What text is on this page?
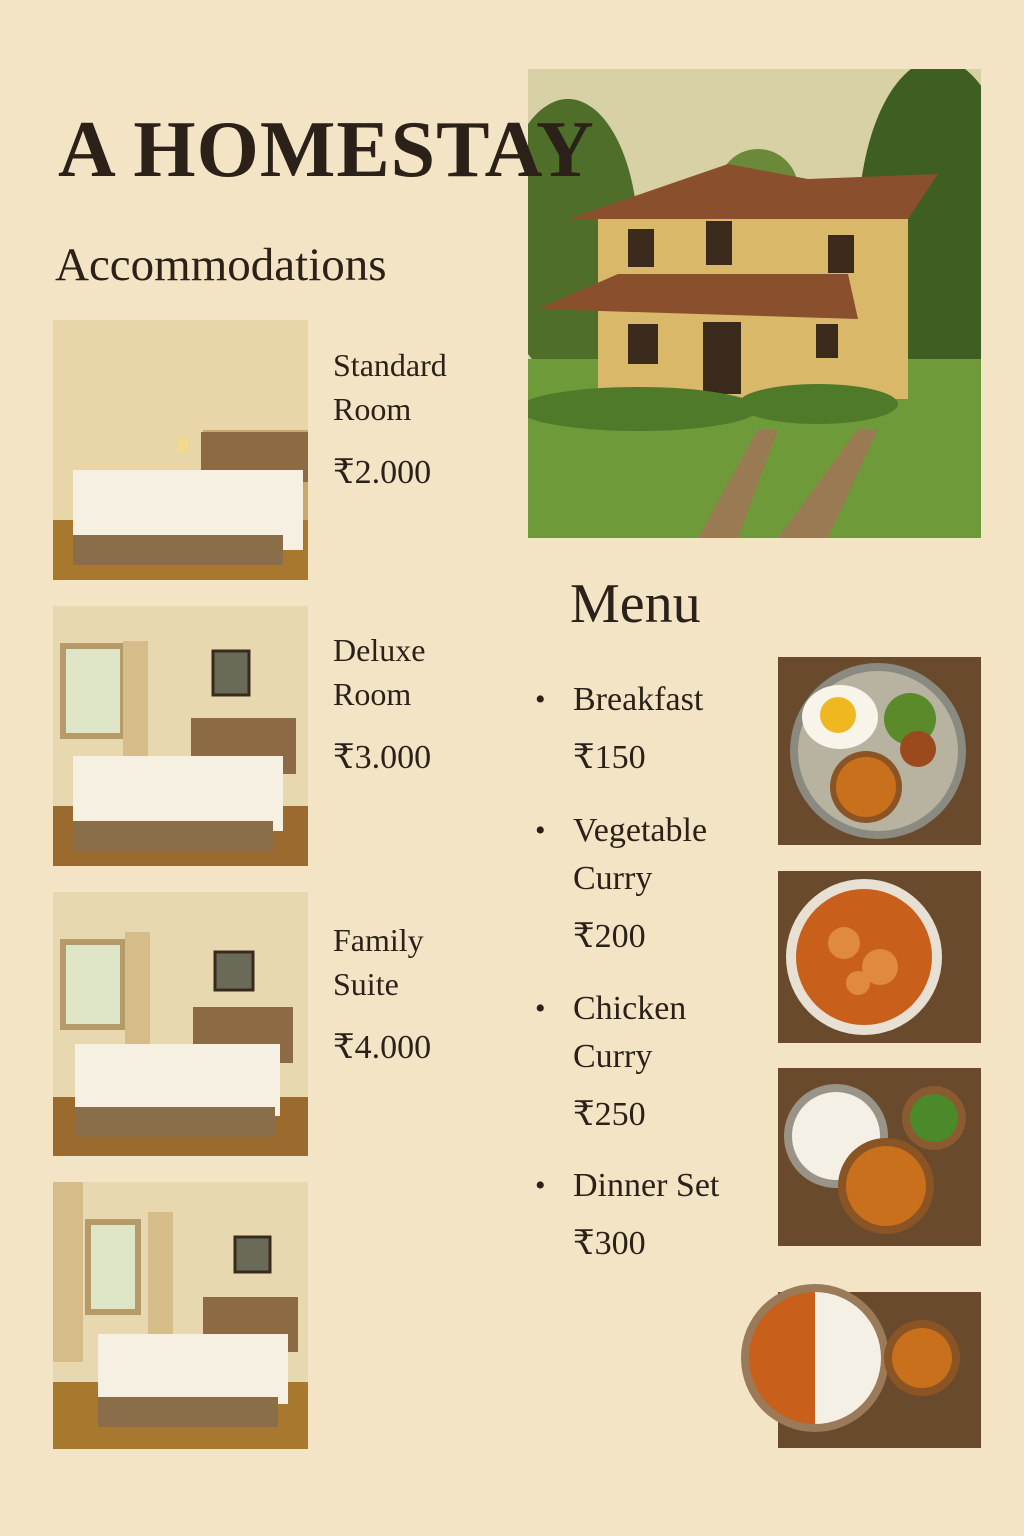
A HOMESTAY
Accommodations
Standard
Room
₹2.000
Deluxe
Room
₹3.000
Family
Suite
₹4.000
Menu
• Breakfast
₹150
• Vegetable
Curry
₹200
• Chicken
Curry
₹250
• Dinner Set
₹300
